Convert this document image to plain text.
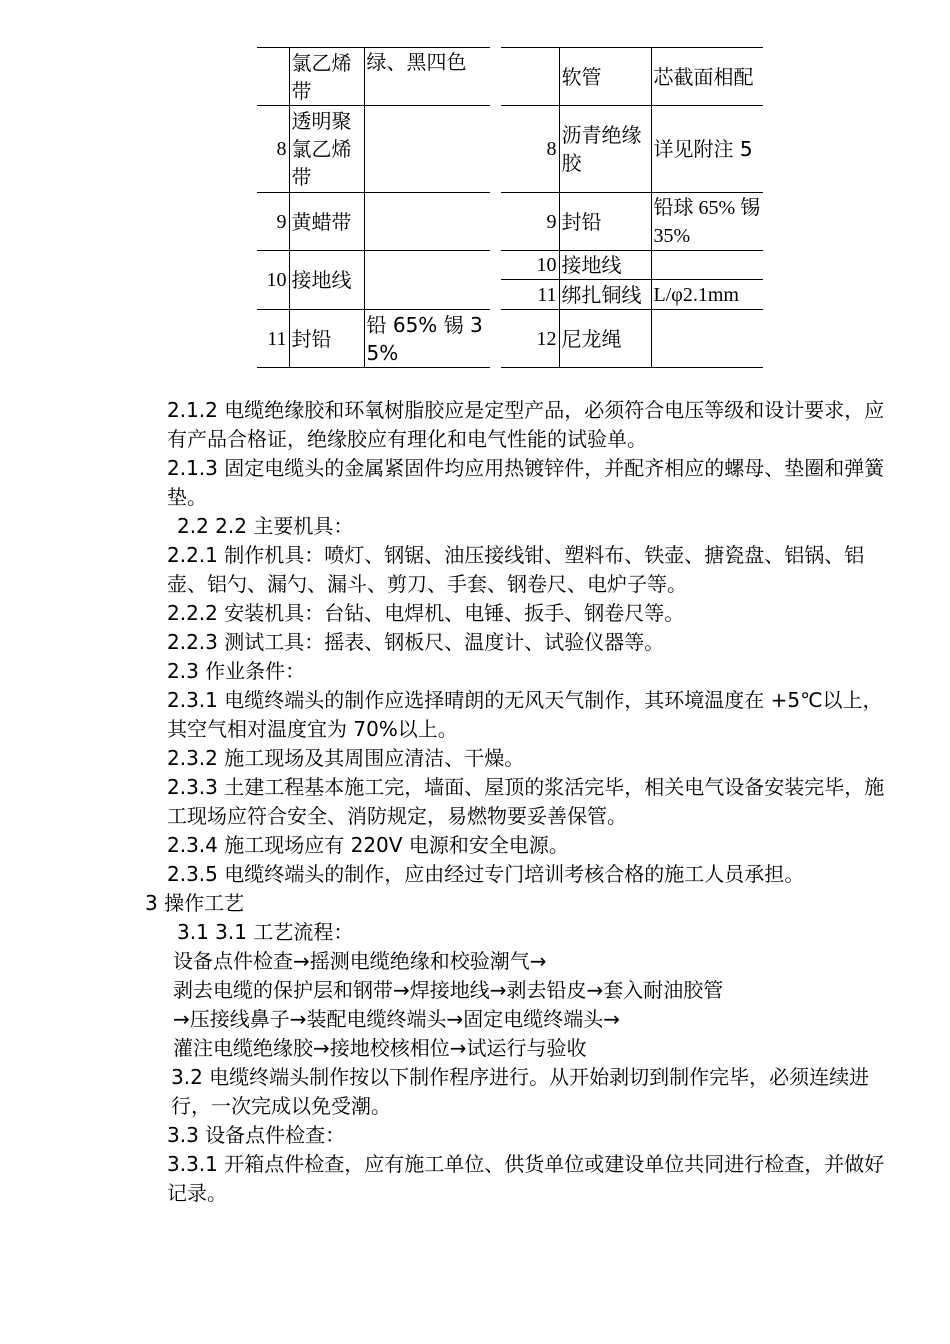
	氯乙烯带	绿、黑四色
8	透明聚氯乙烯带	
9	黄蜡带	
10	接地线	
11	封铅	铅 65% 锡 35%
	软管	芯截面相配
8	沥青绝缘胶	详见附注 5
9	封铅	铅球 65% 锡 35%
10	接地线	
11	绑扎铜线	L/φ2.1mm
12	尼龙绳	

2.1.2 电缆绝缘胶和环氧树脂胶应是定型产品，必须符合电压等级和设计要求，应有产品合格证，绝缘胶应有理化和电气性能的试验单。

2.1.3 固定电缆头的金属紧固件均应用热镀锌件，并配齐相应的螺母、垫圈和弹簧垫。

2.2 2.2 主要机具：

2.2.1 制作机具：喷灯、钢锯、油压接线钳、塑料布、铁壶、搪瓷盘、铝锅、铝壶、铝勺、漏勺、漏斗、剪刀、手套、钢卷尺、电炉子等。

2.2.2 安装机具：台钻、电焊机、电锤、扳手、钢卷尺等。

2.2.3 测试工具：摇表、钢板尺、温度计、试验仪器等。

2.3 作业条件：

2.3.1 电缆终端头的制作应选择晴朗的无风天气制作，其环境温度在 +5℃以上，其空气相对温度宜为 70%以上。

2.3.2 施工现场及其周围应清洁、干燥。

2.3.3 土建工程基本施工完，墙面、屋顶的浆活完毕，相关电气设备安装完毕，施工现场应符合安全、消防规定，易燃物要妥善保管。

2.3.4 施工现场应有 220V 电源和安全电源。

2.3.5 电缆终端头的制作，应由经过专门培训考核合格的施工人员承担。

3 操作工艺

3.1 3.1 工艺流程：

设备点件检查→摇测电缆绝缘和校验潮气→

剥去电缆的保护层和钢带→焊接地线→剥去铅皮→套入耐油胶管

→压接线鼻子→装配电缆终端头→固定电缆终端头→

灌注电缆绝缘胶→接地校核相位→试运行与验收

3.2 电缆终端头制作按以下制作程序进行。从开始剥切到制作完毕，必须连续进行，一次完成以免受潮。

3.3 设备点件检查：

3.3.1 开箱点件检查，应有施工单位、供货单位或建设单位共同进行检查，并做好记录。
